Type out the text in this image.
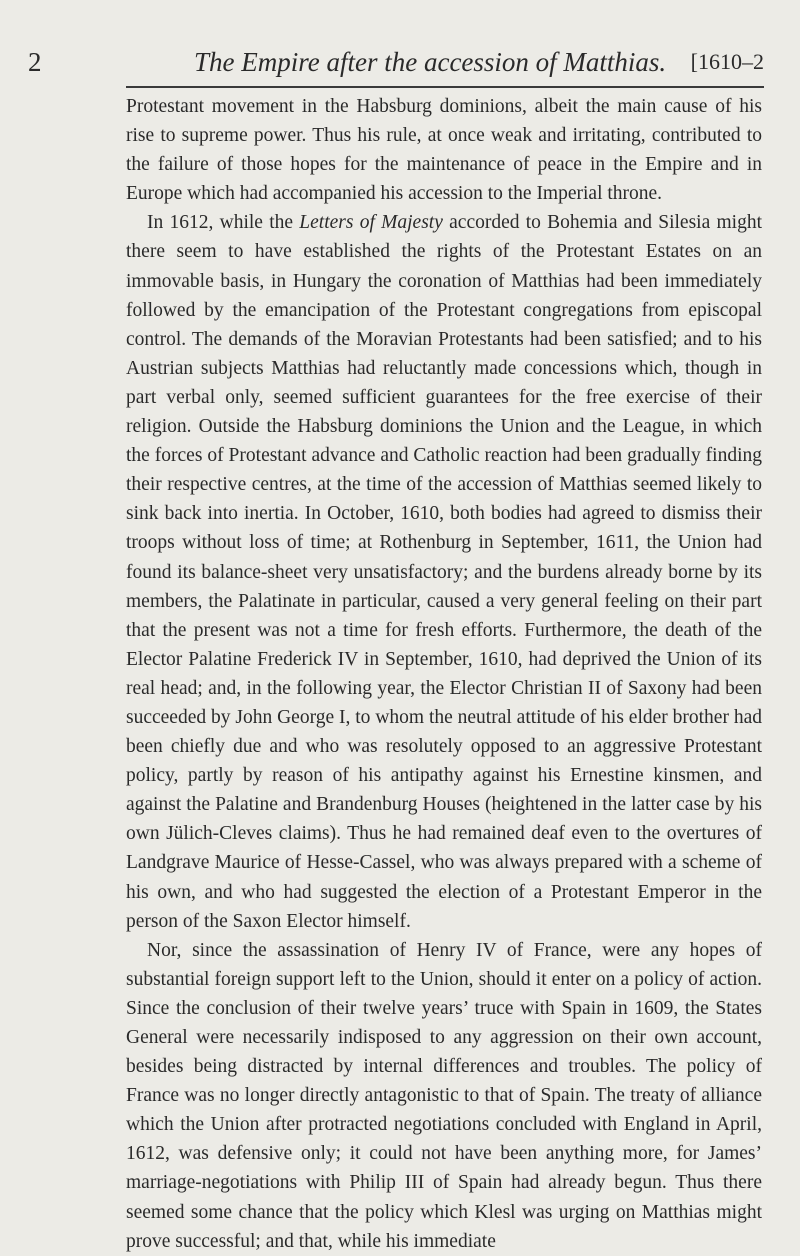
2	The Empire after the accession of Matthias. [1610–2

Protestant movement in the Habsburg dominions, albeit the main cause of his rise to supreme power. Thus his rule, at once weak and irritating, contributed to the failure of those hopes for the maintenance of peace in the Empire and in Europe which had accompanied his accession to the Imperial throne.

In 1612, while the Letters of Majesty accorded to Bohemia and Silesia might there seem to have established the rights of the Protestant Estates on an immovable basis, in Hungary the coronation of Matthias had been immediately followed by the emancipation of the Protestant congregations from episcopal control. The demands of the Moravian Protestants had been satisfied; and to his Austrian subjects Matthias had reluctantly made concessions which, though in part verbal only, seemed sufficient guarantees for the free exercise of their religion. Outside the Habsburg dominions the Union and the League, in which the forces of Protestant advance and Catholic reaction had been gradually finding their respective centres, at the time of the accession of Matthias seemed likely to sink back into inertia. In October, 1610, both bodies had agreed to dismiss their troops without loss of time; at Rothenburg in September, 1611, the Union had found its balance-sheet very unsatisfactory; and the burdens already borne by its members, the Palatinate in particular, caused a very general feeling on their part that the present was not a time for fresh efforts. Furthermore, the death of the Elector Palatine Frederick IV in September, 1610, had deprived the Union of its real head; and, in the following year, the Elector Christian II of Saxony had been succeeded by John George I, to whom the neutral attitude of his elder brother had been chiefly due and who was resolutely opposed to an aggressive Protestant policy, partly by reason of his antipathy against his Ernestine kinsmen, and against the Palatine and Brandenburg Houses (heightened in the latter case by his own Jülich-Cleves claims). Thus he had remained deaf even to the overtures of Landgrave Maurice of Hesse-Cassel, who was always prepared with a scheme of his own, and who had suggested the election of a Protestant Emperor in the person of the Saxon Elector himself.

Nor, since the assassination of Henry IV of France, were any hopes of substantial foreign support left to the Union, should it enter on a policy of action. Since the conclusion of their twelve years’ truce with Spain in 1609, the States General were necessarily indisposed to any aggression on their own account, besides being distracted by internal differences and troubles. The policy of France was no longer directly antagonistic to that of Spain. The treaty of alliance which the Union after protracted negotiations concluded with England in April, 1612, was defensive only; it could not have been anything more, for James’ marriage-negotiations with Philip III of Spain had already begun. Thus there seemed some chance that the policy which Klesl was urging on Matthias might prove successful; and that, while his immediate
